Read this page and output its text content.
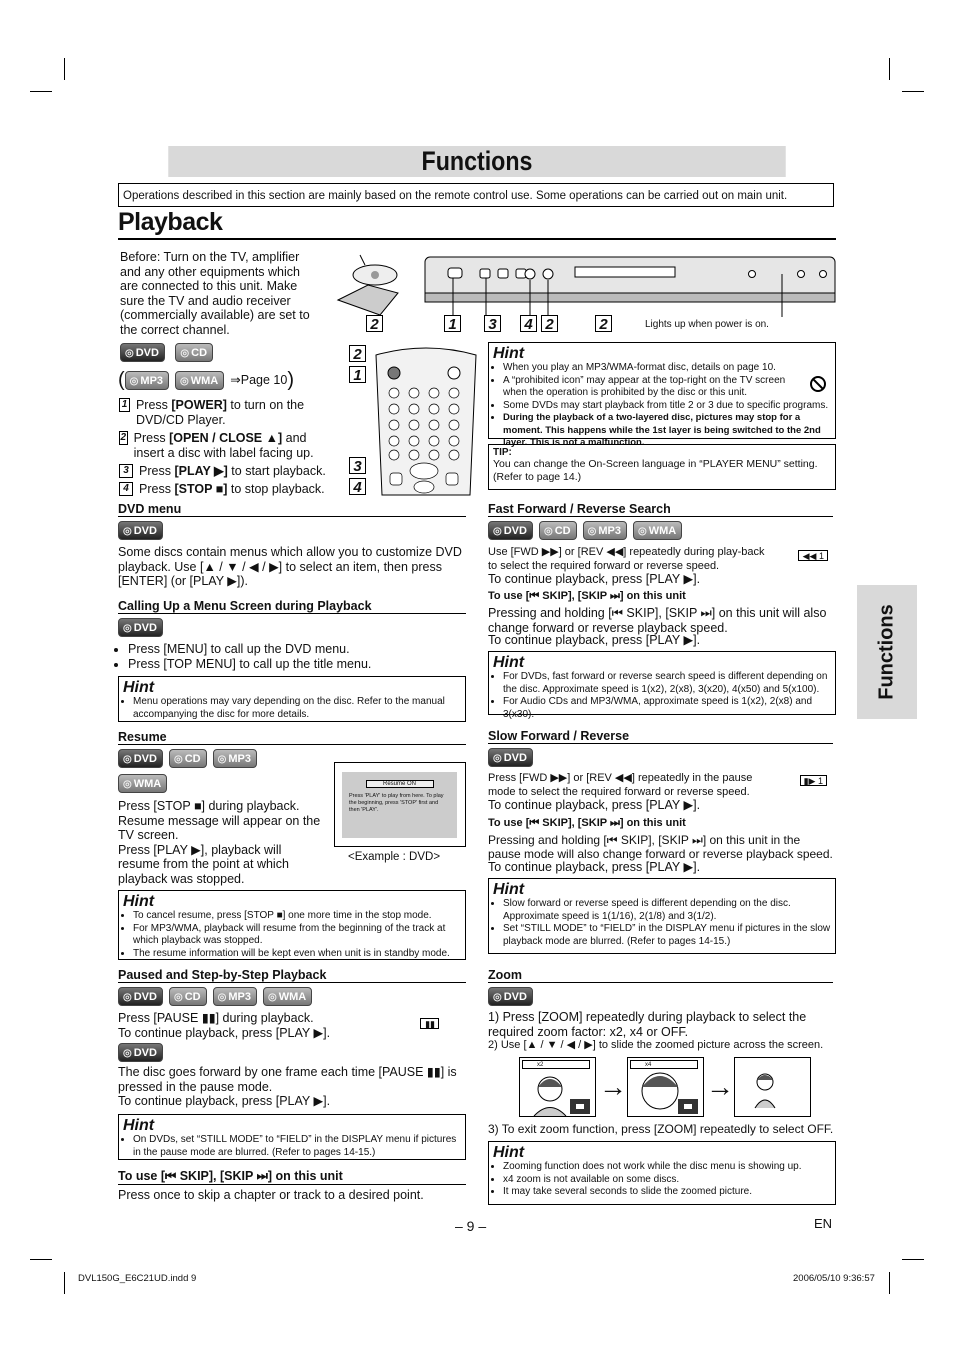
Functions
Operations described in this section are mainly based on the remote control use. Some operations can be carried out on main unit.
Playback
Before: Turn on the TV, amplifier and any other equipments which are connected to this unit. Make sure the TV and audio receiver (commercially available) are set to the correct channel.	2	1 3 4 2	2	Lights up when power is on.
◎ DVD	◎ CD
( ◎ MP3	◎ WMA ⇒Page 10)
1 Press [POWER] to turn on the DVD/CD Player.
2 Press [OPEN / CLOSE ▲] and insert a disc with label facing up.
3 Press [PLAY ▶] to start playback.
4 Press [STOP ■] to stop playback.
2
1
3
4
Hint
• When you play an MP3/WMA-format disc, details on page 10.
• A “prohibited icon” may appear at the top-right on the TV screen when the operation is prohibited by the disc or this unit.
• Some DVDs may start playback from title 2 or 3 due to specific programs.
• During the playback of a two-layered disc, pictures may stop for a moment. This happens while the 1st layer is being switched to the 2nd layer. This is not a malfunction.
TIP:
You can change the On-Screen language in “PLAYER MENU” setting. (Refer to page 14.)
DVD menu
◎ DVD
Some discs contain menus which allow you to customize DVD playback. Use [▲ / ▼ / ◀ / ▶] to select an item, then press [ENTER] (or [PLAY ▶]).
Calling Up a Menu Screen during Playback
◎ DVD
• Press [MENU] to call up the DVD menu.
• Press [TOP MENU] to call up the title menu.
Hint
• Menu operations may vary depending on the disc. Refer to the manual accompanying the disc for more details.
Resume
◎ DVD	◎ CD	◎ MP3
◎ WMA
Press [STOP ■] during playback. Resume message will appear on the TV screen.
Press [PLAY ▶], playback will resume from the point at which playback was stopped.
Resume ON
Press 'PLAY' to play from here. To play the beginning, press 'STOP' first and then 'PLAY'.
<Example : DVD>
Hint
• To cancel resume, press [STOP ■] one more time in the stop mode.
• For MP3/WMA, playback will resume from the beginning of the track at which playback was stopped.
• The resume information will be kept even when unit is in standby mode.
Paused and Step-by-Step Playback
◎ DVD	◎ CD	◎ MP3	◎ WMA
Press [PAUSE ▮▮] during playback.
To continue playback, press [PLAY ▶].
▮▮
◎ DVD
The disc goes forward by one frame each time [PAUSE ▮▮] is pressed in the pause mode.
To continue playback, press [PLAY ▶].
Hint
• On DVDs, set “STILL MODE” to “FIELD” in the DISPLAY menu if pictures in the pause mode are blurred. (Refer to pages 14-15.)
To use [⏮ SKIP], [SKIP ⏭] on this unit
Press once to skip a chapter or track to a desired point.
Fast Forward / Reverse Search
◎ DVD	◎ CD	◎ MP3	◎ WMA
Use [FWD ▶▶] or [REV ◀◀] repeatedly during play-back to select the required forward or reverse speed.
To continue playback, press [PLAY ▶].
◀◀ 1
To use [⏮ SKIP], [SKIP ⏭] on this unit
Pressing and holding [⏮ SKIP], [SKIP ⏭] on this unit will also change forward or reverse playback speed.
To continue playback, press [PLAY ▶].
Hint
• For DVDs, fast forward or reverse search speed is different depending on the disc. Approximate speed is 1(x2), 2(x8), 3(x20), 4(x50) and 5(x100).
• For Audio CDs and MP3/WMA, approximate speed is 1(x2), 2(x8) and 3(x30).
Slow Forward / Reverse
◎ DVD
Press [FWD ▶▶] or [REV ◀◀] repeatedly in the pause mode to select the required forward or reverse speed.
To continue playback, press [PLAY ▶].
▮▶ 1
To use [⏮ SKIP], [SKIP ⏭] on this unit
Pressing and holding [⏮ SKIP], [SKIP ⏭] on this unit in the pause mode will also change forward or reverse playback speed.
To continue playback, press [PLAY ▶].
Hint
• Slow forward or reverse speed is different depending on the disc. Approximate speed is 1(1/16), 2(1/8) and 3(1/2).
• Set “STILL MODE” to “FIELD” in the DISPLAY menu if pictures in the slow playback mode are blurred. (Refer to pages 14-15.)
Zoom
◎ DVD
1) Press [ZOOM] repeatedly during playback to select the required zoom factor: x2, x4 or OFF.
2) Use [▲ / ▼ / ◀ / ▶] to slide the zoomed picture across the screen.
x2
→
x4
→
3) To exit zoom function, press [ZOOM] repeatedly to select OFF.
Hint
• Zooming function does not work while the disc menu is showing up.
• x4 zoom is not available on some discs.
• It may take several seconds to slide the zoomed picture.
Functions
– 9 –	EN
DVL150G_E6C21UD.indd 9	2006/05/10 9:36:57
